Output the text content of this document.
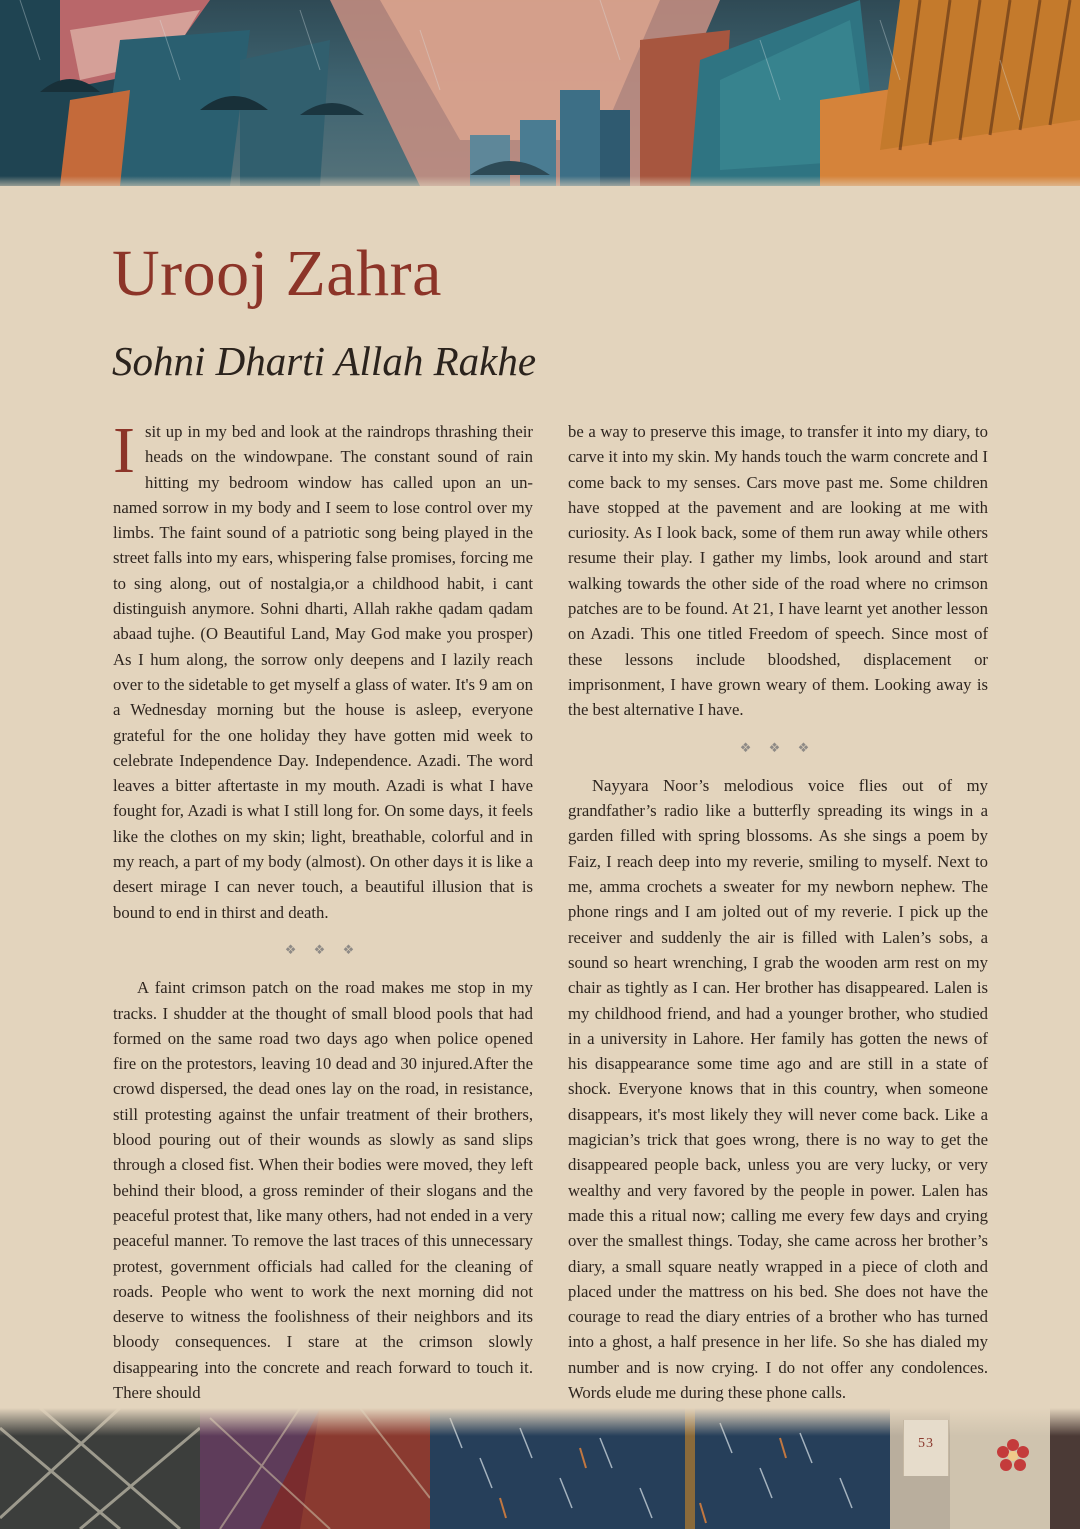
Urooj Zahra
Sohni Dharti Allah Rakhe

I sit up in my bed and look at the raindrops thrashing their heads on the windowpane. The constant sound of rain hitting my bedroom window has called upon an un-named sorrow in my body and I seem to lose control over my limbs. The faint sound of a patriotic song being played in the street falls into my ears, whispering false promises, forcing me to sing along, out of nostalgia,or a childhood habit, i cant distinguish anymore. Sohni dharti, Allah rakhe qadam qadam abaad tujhe. (O Beautiful Land, May God make you prosper) As I hum along, the sorrow only deepens and I lazily reach over to the sidetable to get myself a glass of water. It's 9 am on a Wednesday morning but the house is asleep, everyone grateful for the one holiday they have gotten mid week to celebrate Independence Day. Independence. Azadi. The word leaves a bitter aftertaste in my mouth. Azadi is what I have fought for, Azadi is what I still long for. On some days, it feels like the clothes on my skin; light, breathable, colorful and in my reach, a part of my body (almost). On other days it is like a desert mirage I can never touch, a beautiful illusion that is bound to end in thirst and death.

❖ ❖ ❖

A faint crimson patch on the road makes me stop in my tracks. I shudder at the thought of small blood pools that had formed on the same road two days ago when police opened fire on the protestors, leaving 10 dead and 30 injured.After the crowd dispersed, the dead ones lay on the road, in resistance, still protesting against the unfair treatment of their brothers, blood pouring out of their wounds as slowly as sand slips through a closed fist. When their bodies were moved, they left behind their blood, a gross reminder of their slogans and the peaceful protest that, like many others, had not ended in a very peaceful manner. To remove the last traces of this unnecessary protest, government officials had called for the cleaning of roads. People who went to work the next morning did not deserve to witness the foolishness of their neighbors and its bloody consequences. I stare at the crimson slowly disappearing into the concrete and reach forward to touch it. There should

be a way to preserve this image, to transfer it into my diary, to carve it into my skin. My hands touch the warm concrete and I come back to my senses. Cars move past me. Some children have stopped at the pavement and are looking at me with curiosity. As I look back, some of them run away while others resume their play. I gather my limbs, look around and start walking towards the other side of the road where no crimson patches are to be found. At 21, I have learnt yet another lesson on Azadi. This one titled Freedom of speech. Since most of these lessons include bloodshed, displacement or imprisonment, I have grown weary of them. Looking away is the best alternative I have.

❖ ❖ ❖

Nayyara Noor’s melodious voice flies out of my grandfather’s radio like a butterfly spreading its wings in a garden filled with spring blossoms. As she sings a poem by Faiz, I reach deep into my reverie, smiling to myself. Next to me, amma crochets a sweater for my newborn nephew. The phone rings and I am jolted out of my reverie. I pick up the receiver and suddenly the air is filled with Lalen’s sobs, a sound so heart wrenching, I grab the wooden arm rest on my chair as tightly as I can. Her brother has disappeared. Lalen is my childhood friend, and had a younger brother, who studied in a university in Lahore. Her family has gotten the news of his disappearance some time ago and are still in a state of shock. Everyone knows that in this country, when someone disappears, it's most likely they will never come back. Like a magician’s trick that goes wrong, there is no way to get the disappeared people back, unless you are very lucky, or very wealthy and very favored by the people in power. Lalen has made this a ritual now; calling me every few days and crying over the smallest things. Today, she came across her brother’s diary, a small square neatly wrapped in a piece of cloth and placed under the mattress on his bed. She does not have the courage to read the diary entries of a brother who has turned into a ghost, a half presence in her life. So she has dialed my number and is now crying. I do not offer any condolences. Words elude me during these phone calls.

53
